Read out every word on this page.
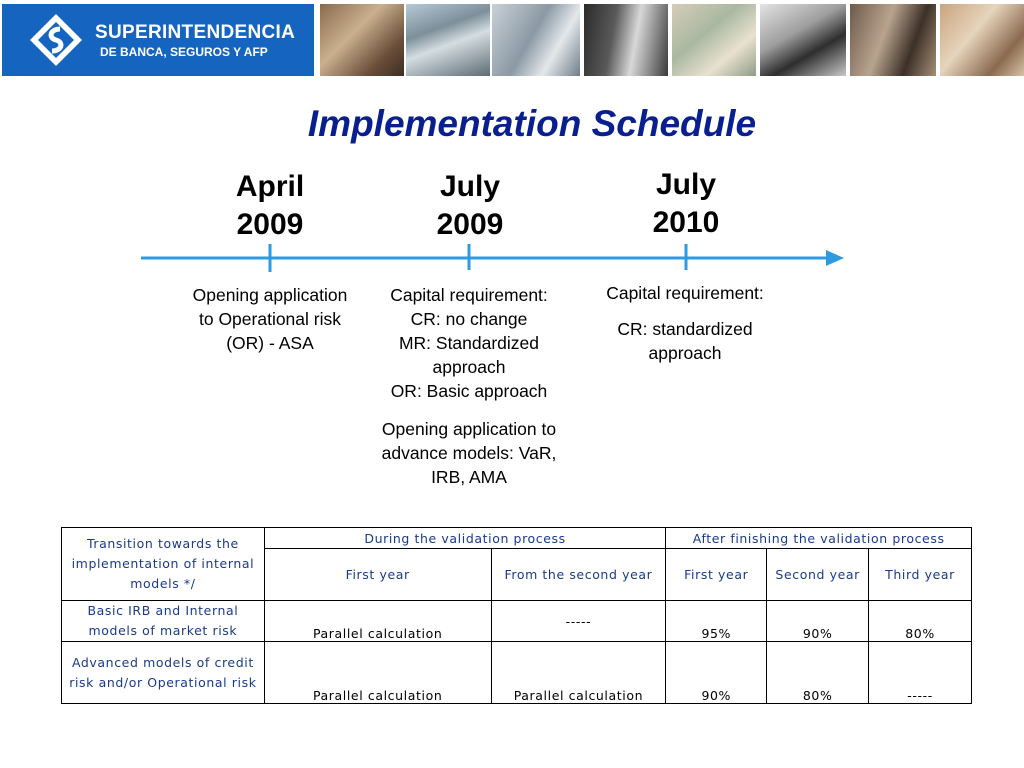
SUPERINTENDENCIA
DE BANCA, SEGUROS Y AFP
Implementation Schedule
April
2009
July
2009
July
2010

Opening application

to Operational risk

(OR) - ASA

Capital requirement:

CR: no change

MR: Standardized

approach

OR: Basic approach

Opening application to

advance models: VaR,

IRB, AMA

Capital requirement:

CR: standardized

approach

Transition towards the implementation of internal models */	During the validation process		After finishing the validation process		
	First year	From the second year	First year	Second year	Third year
Basic IRB and Internal models of market risk	Parallel calculation	-----	95%	90%	80%
Advanced models of credit risk and/or Operational risk	Parallel calculation	Parallel calculation	90%	80%	-----
